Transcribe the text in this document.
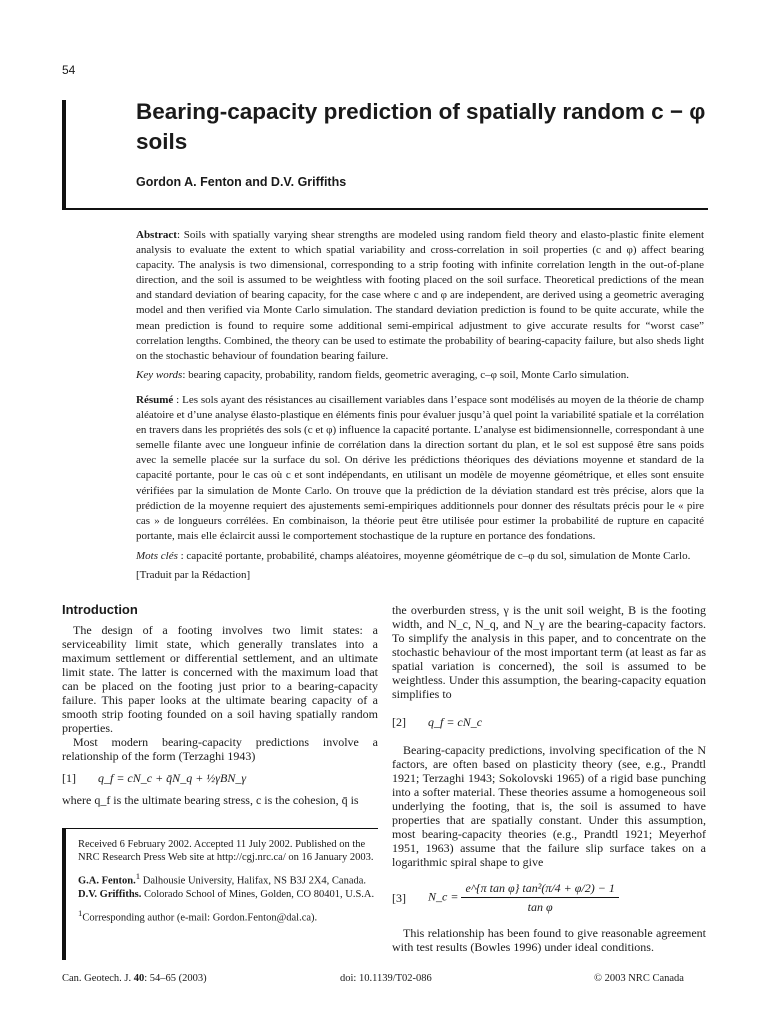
54
Bearing-capacity prediction of spatially random c − φ soils
Gordon A. Fenton and D.V. Griffiths

Abstract: Soils with spatially varying shear strengths are modeled using random field theory and elasto-plastic finite element analysis to evaluate the extent to which spatial variability and cross-correlation in soil properties (c and φ) affect bearing capacity. The analysis is two dimensional, corresponding to a strip footing with infinite correlation length in the out-of-plane direction, and the soil is assumed to be weightless with footing placed on the soil surface. Theoretical predictions of the mean and standard deviation of bearing capacity, for the case where c and φ are independent, are derived using a geometric averaging model and then verified via Monte Carlo simulation. The standard deviation prediction is found to be quite accurate, while the mean prediction is found to require some additional semi-empirical adjustment to give accurate results for “worst case” correlation lengths. Combined, the theory can be used to estimate the probability of bearing-capacity failure, but also sheds light on the stochastic behaviour of foundation bearing failure.

Key words: bearing capacity, probability, random fields, geometric averaging, c–φ soil, Monte Carlo simulation.

Résumé : Les sols ayant des résistances au cisaillement variables dans l’espace sont modélisés au moyen de la théorie de champ aléatoire et d’une analyse élasto-plastique en éléments finis pour évaluer jusqu’à quel point la variabilité spatiale et la corrélation en travers dans les propriétés des sols (c et φ) influence la capacité portante. L’analyse est bidimensionnelle, correspondant à une semelle filante avec une longueur infinie de corrélation dans la direction sortant du plan, et le sol est supposé être sans poids avec la semelle placée sur la surface du sol. On dérive les prédictions théoriques des déviations moyenne et standard de la capacité portante, pour le cas où c et sont indépendants, en utilisant un modèle de moyenne géométrique, et elles sont ensuite vérifiées par la simulation de Monte Carlo. On trouve que la prédiction de la déviation standard est très précise, alors que la prédiction de la moyenne requiert des ajustements semi-empiriques additionnels pour donner des résultats précis pour le « pire cas » de longueurs corrélées. En combinaison, la théorie peut être utilisée pour estimer la probabilité de rupture en capacité portante, mais elle éclaircit aussi le comportement stochastique de la rupture en portance des fondations.

Mots clés : capacité portante, probabilité, champs aléatoires, moyenne géométrique de c–φ du sol, simulation de Monte Carlo.

[Traduit par la Rédaction]

Introduction

The design of a footing involves two limit states: a serviceability limit state, which generally translates into a maximum settlement or differential settlement, and an ultimate limit state. The latter is concerned with the maximum load that can be placed on the footing just prior to a bearing-capacity failure. This paper looks at the ultimate bearing capacity of a smooth strip footing founded on a soil having spatially random properties.

Most modern bearing-capacity predictions involve a relationship of the form (Terzaghi 1943)

[1]	q_f = cN_c + q̄N_q + ½γBN_γ

where q_f is the ultimate bearing stress, c is the cohesion, q̄ is

Received 6 February 2002. Accepted 11 July 2002. Published on the NRC Research Press Web site at http://cgj.nrc.ca/ on 16 January 2003.

G.A. Fenton.$^1$ Dalhousie University, Halifax, NS B3J 2X4, Canada.
D.V. Griffiths. Colorado School of Mines, Golden, CO 80401, U.S.A.

$^1$Corresponding author (e-mail: Gordon.Fenton@dal.ca).

the overburden stress, γ is the unit soil weight, B is the footing width, and N_c, N_q, and N_γ are the bearing-capacity factors. To simplify the analysis in this paper, and to concentrate on the stochastic behaviour of the most important term (at least as far as spatial variation is concerned), the soil is assumed to be weightless. Under this assumption, the bearing-capacity equation simplifies to

[2]	q_f = cN_c

Bearing-capacity predictions, involving specification of the N factors, are often based on plasticity theory (see, e.g., Prandtl 1921; Terzaghi 1943; Sokolovski 1965) of a rigid base punching into a softer material. These theories assume a homogeneous soil underlying the footing, that is, the soil is assumed to have properties that are spatially constant. Under this assumption, most bearing-capacity theories (e.g., Prandtl 1921; Meyerhof 1951, 1963) assume that the failure slip surface takes on a logarithmic spiral shape to give

[3]	N_c = $\frac{\text{e\textasciicircum{}\{π tan φ\} tan²(π/4 + φ/2) − 1}}{\text{tan φ}}$

This relationship has been found to give reasonable agreement with test results (Bowles 1996) under ideal conditions.

Can. Geotech. J. 40: 54–65 (2003)	doi: 10.1139/T02-086	© 2003 NRC Canada
